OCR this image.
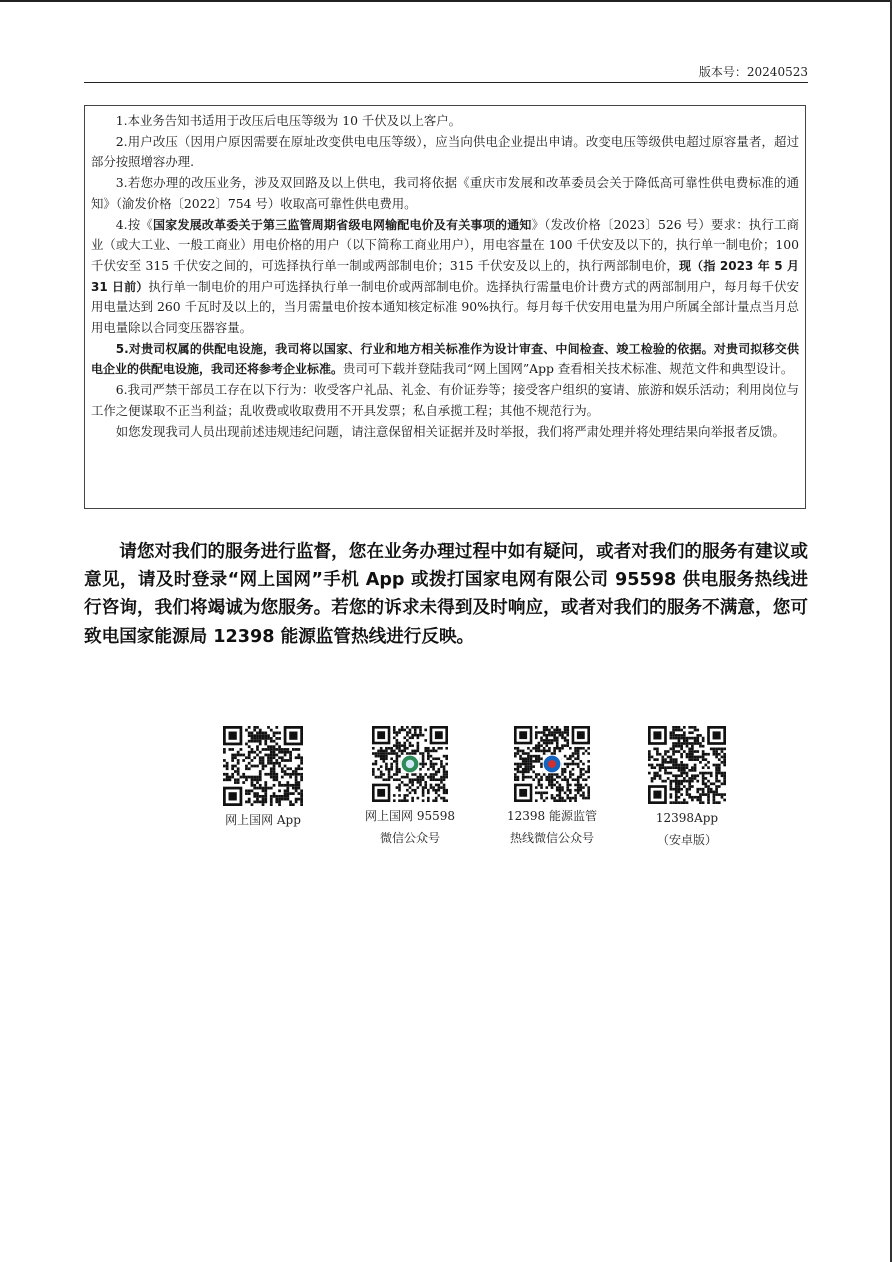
版本号：20240523

1.本业务告知书适用于改压后电压等级为 10 千伏及以上客户。

2.用户改压（因用户原因需要在原址改变供电电压等级），应当向供电企业提出申请。改变电压等级供电超过原容量者，超过部分按照增容办理.

3.若您办理的改压业务，涉及双回路及以上供电，我司将依据《重庆市发展和改革委员会关于降低高可靠性供电费标准的通知》（渝发价格〔2022〕754 号）收取高可靠性供电费用。

4.按《国家发展改革委关于第三监管周期省级电网输配电价及有关事项的通知》（发改价格〔2023〕526 号）要求：执行工商业（或大工业、一般工商业）用电价格的用户（以下简称工商业用户），用电容量在 100 千伏安及以下的，执行单一制电价；100 千伏安至 315 千伏安之间的，可选择执行单一制或两部制电价；315 千伏安及以上的，执行两部制电价，现（指 2023 年 5 月 31 日前）执行单一制电价的用户可选择执行单一制电价或两部制电价。选择执行需量电价计费方式的两部制用户，每月每千伏安用电量达到 260 千瓦时及以上的，当月需量电价按本通知核定标准 90%执行。每月每千伏安用电量为用户所属全部计量点当月总用电量除以合同变压器容量。

5.对贵司权属的供配电设施，我司将以国家、行业和地方相关标准作为设计审查、中间检查、竣工检验的依据。对贵司拟移交供电企业的供配电设施，我司还将参考企业标准。贵司可下载并登陆我司“网上国网”App 查看相关技术标准、规范文件和典型设计。

6.我司严禁干部员工存在以下行为：收受客户礼品、礼金、有价证券等；接受客户组织的宴请、旅游和娱乐活动；利用岗位与工作之便谋取不正当利益；乱收费或收取费用不开具发票；私自承揽工程；其他不规范行为。

如您发现我司人员出现前述违规违纪问题，请注意保留相关证据并及时举报，我们将严肃处理并将处理结果向举报者反馈。

请您对我们的服务进行监督，您在业务办理过程中如有疑问，或者对我们的服务有建议或意见，请及时登录“网上国网”手机 App 或拨打国家电网有限公司 95598 供电服务热线进行咨询，我们将竭诚为您服务。若您的诉求未得到及时响应，或者对我们的服务不满意，您可致电国家能源局 12398 能源监管热线进行反映。

网上国网 App	网上国网 95598
微信公众号
12398 能源监管
热线微信公众号
12398App
（安卓版）
